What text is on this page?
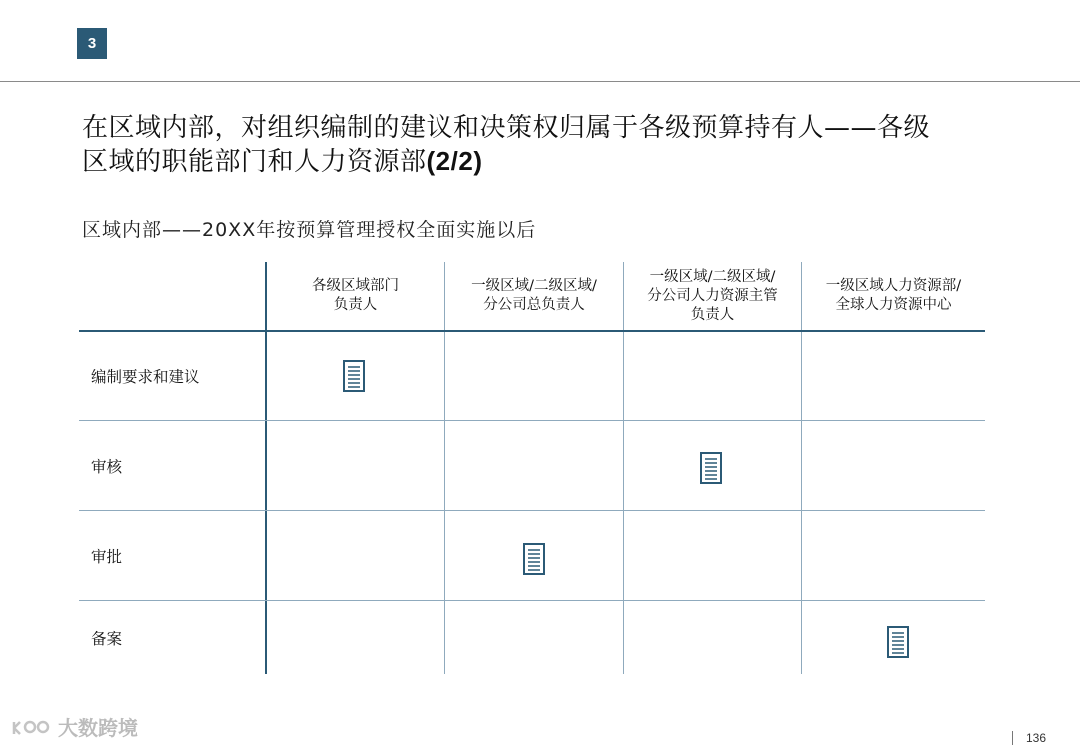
3
在区域内部，对组织编制的建议和决策权归属于各级预算持有人——各级
区域的职能部门和人力资源部(2/2)
区域内部——20XX年按预算管理授权全面实施以后
各级区域部门
负责人
一级区域/二级区域/
分公司总负责人
一级区域/二级区域/
分公司人力资源主管
负责人
一级区域人力资源部/
全球人力资源中心
编制要求和建议
审核
审批
备案
大数跨境	136
